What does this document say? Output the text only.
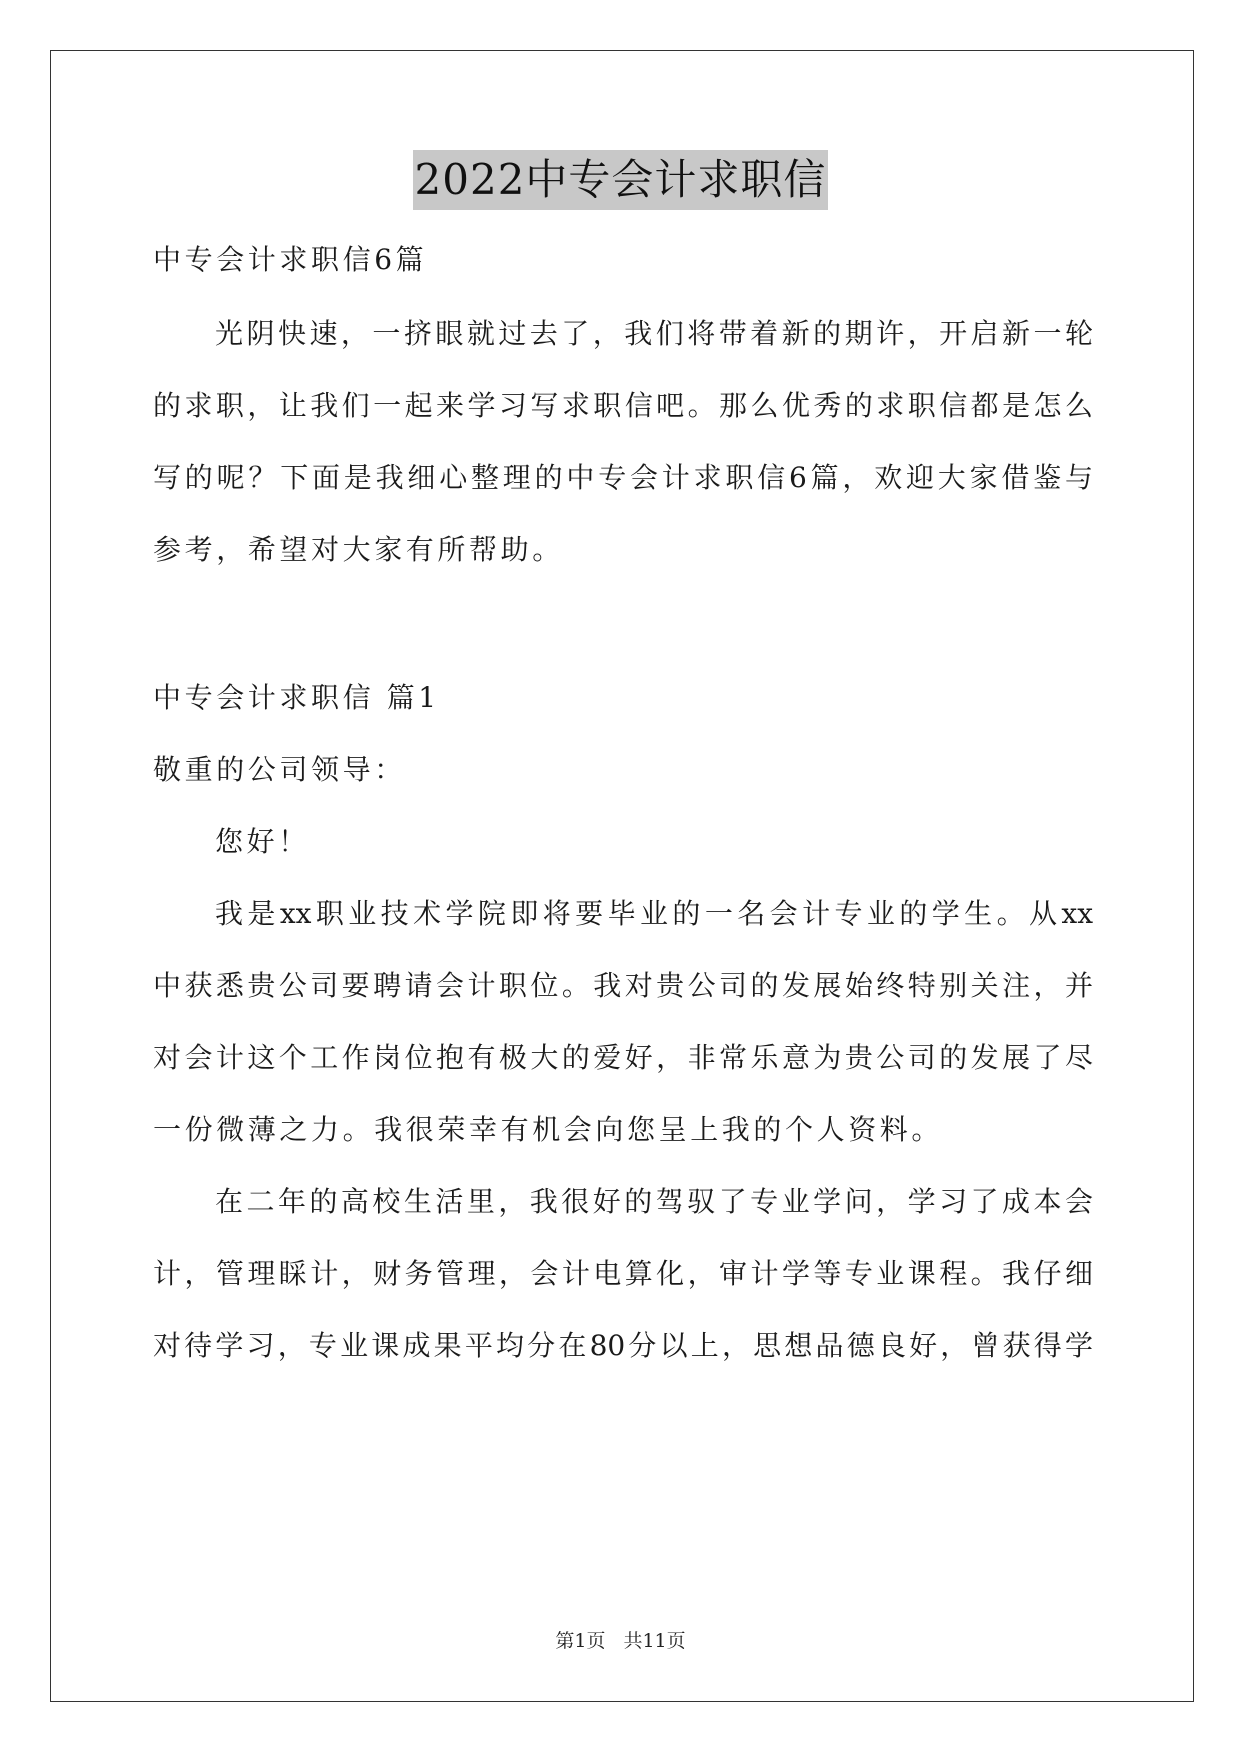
2022中专会计求职信
中专会计求职信6篇
光阴快速，一挤眼就过去了，我们将带着新的期许，开启新一轮
的求职，让我们一起来学习写求职信吧。那么优秀的求职信都是怎么
写的呢？下面是我细心整理的中专会计求职信6篇，欢迎大家借鉴与
参考，希望对大家有所帮助。
中专会计求职信 篇1
敬重的公司领导：
您好！
我是xx职业技术学院即将要毕业的一名会计专业的学生。从xx
中获悉贵公司要聘请会计职位。我对贵公司的发展始终特别关注，并
对会计这个工作岗位抱有极大的爱好，非常乐意为贵公司的发展了尽
一份微薄之力。我很荣幸有机会向您呈上我的个人资料。
在二年的高校生活里，我很好的驾驭了专业学问，学习了成本会
计，管理睬计，财务管理，会计电算化，审计学等专业课程。我仔细
对待学习，专业课成果平均分在80分以上，思想品德良好，曾获得学
第1页 共11页
